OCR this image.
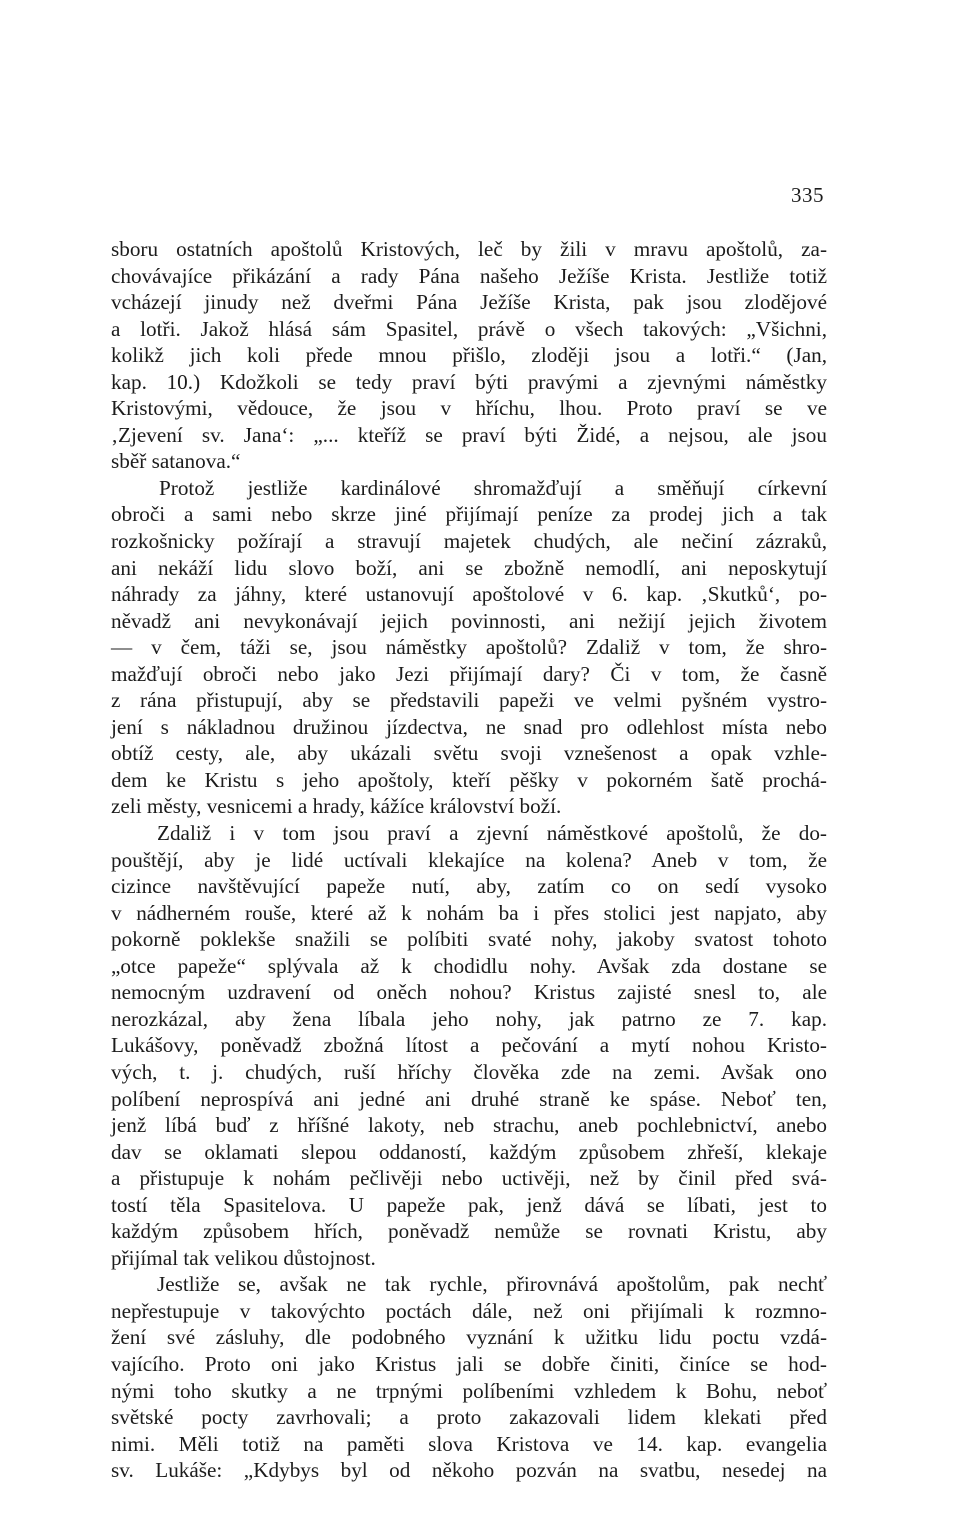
335
sboru ostatních apoštolů Kristových, leč by žili v mravu apoštolů, za-
chovávajíce přikázání a rady Pána našeho Ježíše Krista. Jestliže totiž
vcházejí jinudy než dveřmi Pána Ježíše Krista, pak jsou zlodějové
a lotři. Jakož hlásá sám Spasitel, právě o všech takových: „Všichni,
kolikž jich koli přede mnou přišlo, zloději jsou a lotři.“ (Jan,
kap. 10.) Kdožkoli se tedy praví býti pravými a zjevnými náměstky
Kristovými, vědouce, že jsou v hříchu, lhou. Proto praví se ve
‚Zjevení sv. Jana‘: „... kteříž se praví býti Židé, a nejsou, ale jsou
sběř satanova.“
Protož jestliže kardinálové shromažďují a směňují církevní
obroči a sami nebo skrze jiné přijímají peníze za prodej jich a tak
rozkošnicky požírají a stravují majetek chudých, ale nečiní zázraků,
ani nekáží lidu slovo boží, ani se zbožně nemodlí, ani neposkytují
náhrady za jáhny, které ustanovují apoštolové v 6. kap. ‚Skutků‘, po-
něvadž ani nevykonávají jejich povinnosti, ani nežijí jejich životem
— v čem, táži se, jsou náměstky apoštolů? Zdaliž v tom, že shro-
mažďují obroči nebo jako Jezi přijímají dary? Či v tom, že časně
z rána přistupují, aby se představili papeži ve velmi pyšném vystro-
jení s nákladnou družinou jízdectva, ne snad pro odlehlost místa nebo
obtíž cesty, ale, aby ukázali světu svoji vznešenost a opak vzhle-
dem ke Kristu s jeho apoštoly, kteří pěšky v pokorném šatě prochá-
zeli městy, vesnicemi a hrady, kážíce království boží.
Zdaliž i v tom jsou praví a zjevní náměstkové apoštolů, že do-
pouštějí, aby je lidé uctívali klekajíce na kolena? Aneb v tom, že
cizince navštěvující papeže nutí, aby, zatím co on sedí vysoko
v nádherném rouše, které až k nohám ba i přes stolici jest napjato, aby
pokorně poklekše snažili se políbiti svaté nohy, jakoby svatost tohoto
„otce papeže“ splývala až k chodidlu nohy. Avšak zda dostane se
nemocným uzdravení od oněch nohou? Kristus zajisté snesl to, ale
nerozkázal, aby žena líbala jeho nohy, jak patrno ze 7. kap.
Lukášovy, poněvadž zbožná lítost a pečování a mytí nohou Kristo-
vých, t. j. chudých, ruší hříchy člověka zde na zemi. Avšak ono
políbení neprospívá ani jedné ani druhé straně ke spáse. Neboť ten,
jenž líbá buď z hříšné lakoty, neb strachu, aneb pochlebnictví, anebo
dav se oklamati slepou oddaností, každým způsobem zhřeší, klekaje
a přistupuje k nohám pečlivěji nebo uctivěji, než by činil před svá-
tostí těla Spasitelova. U papeže pak, jenž dává se líbati, jest to
každým způsobem hřích, poněvadž nemůže se rovnati Kristu, aby
přijímal tak velikou důstojnost.
Jestliže se, avšak ne tak rychle, přirovnává apoštolům, pak nechť
nepřestupuje v takovýchto poctách dále, než oni přijímali k rozmno-
žení své zásluhy, dle podobného vyznání k užitku lidu poctu vzdá-
vajícího. Proto oni jako Kristus jali se dobře činiti, činíce se hod-
nými toho skutky a ne trpnými políbeními vzhledem k Bohu, neboť
světské pocty zavrhovali; a proto zakazovali lidem klekati před
nimi. Měli totiž na paměti slova Kristova ve 14. kap. evangelia
sv. Lukáše: „Kdybys byl od někoho pozván na svatbu, nesedej na
